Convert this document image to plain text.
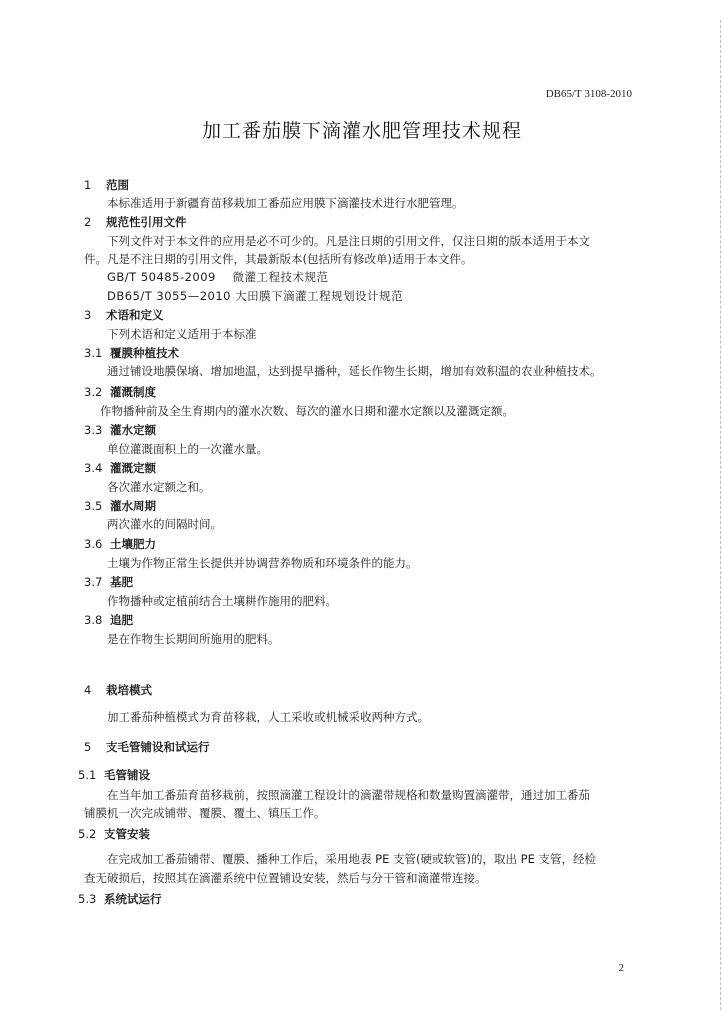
DB65/T 3108-2010
加工番茄膜下滴灌水肥管理技术规程
1 范围
本标准适用于新疆育苗移栽加工番茄应用膜下滴灌技术进行水肥管理。
2 规范性引用文件
下列文件对于本文件的应用是必不可少的。凡是注日期的引用文件，仅注日期的版本适用于本文
件。凡是不注日期的引用文件，其最新版本(包括所有修改单)适用于本文件。
GB/T 50485-2009 微灌工程技术规范
DB65/T 3055—2010 大田膜下滴灌工程规划设计规范
3 术语和定义
下列术语和定义适用于本标准
3.1 覆膜种植技术
通过铺设地膜保墒、增加地温，达到提早播种，延长作物生长期，增加有效积温的农业种植技术。
3.2 灌溉制度
作物播种前及全生育期内的灌水次数、每次的灌水日期和灌水定额以及灌溉定额。
3.3 灌水定额
单位灌溉面积上的一次灌水量。
3.4 灌溉定额
各次灌水定额之和。
3.5 灌水周期
两次灌水的间隔时间。
3.6 土壤肥力
土壤为作物正常生长提供并协调营养物质和环境条件的能力。
3.7 基肥
作物播种或定植前结合土壤耕作施用的肥料。
3.8 追肥
是在作物生长期间所施用的肥料。
4 栽培模式
加工番茄种植模式为育苗移栽，人工采收或机械采收两种方式。
5 支毛管铺设和试运行
5.1 毛管铺设
在当年加工番茄育苗移栽前，按照滴灌工程设计的滴灌带规格和数量购置滴灌带，通过加工番茄
铺膜机一次完成铺带、覆膜、覆土、镇压工作。
5.2 支管安装
在完成加工番茄铺带、覆膜、播种工作后，采用地表 PE 支管(硬或软管)的，取出 PE 支管，经检
查无破损后，按照其在滴灌系统中位置铺设安装，然后与分干管和滴灌带连接。
5.3 系统试运行
2
